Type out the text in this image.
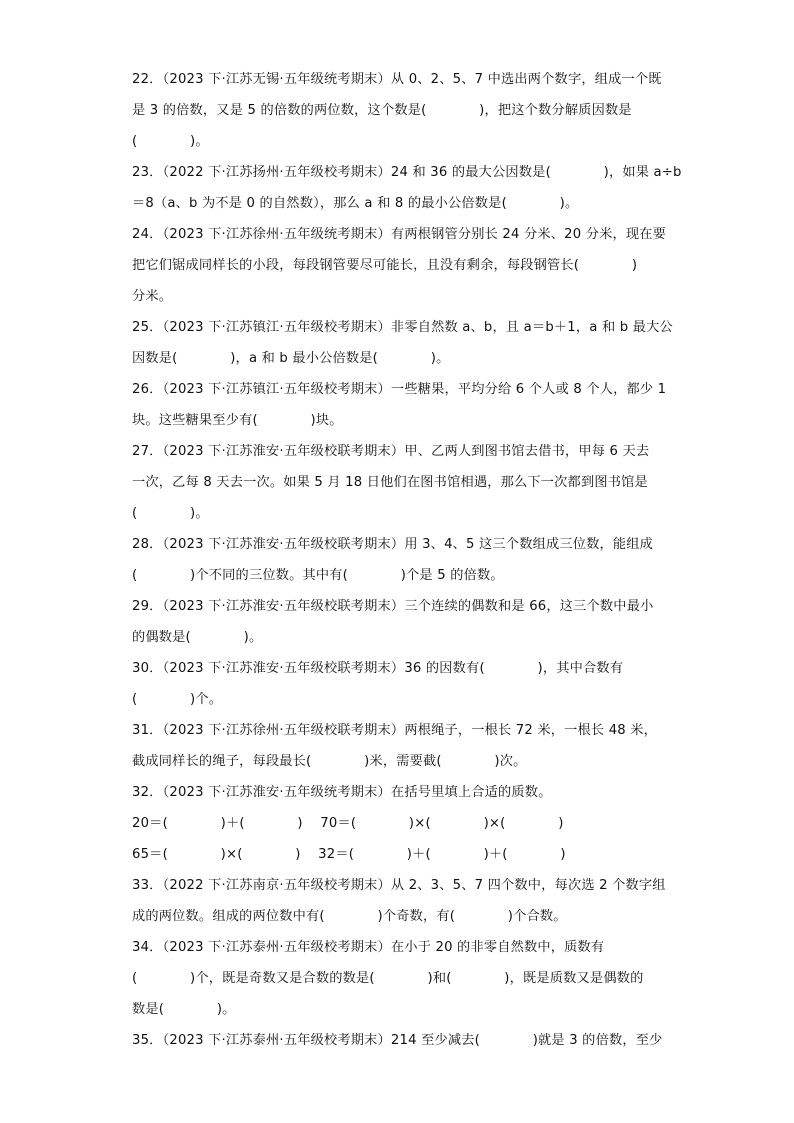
22．（2023 下·江苏无锡·五年级统考期末）从 0、2、5、7 中选出两个数字，组成一个既
是 3 的倍数，又是 5 的倍数的两位数，这个数是(            )，把这个数分解质因数是
(            )。
23．（2022 下·江苏扬州·五年级校考期末）24 和 36 的最大公因数是(            )，如果 a÷b
＝8（a、b 为不是 0 的自然数），那么 a 和 8 的最小公倍数是(            )。
24．（2023 下·江苏徐州·五年级统考期末）有两根钢管分别长 24 分米、20 分米，现在要
把它们锯成同样长的小段，每段钢管要尽可能长，且没有剩余，每段钢管长(            )
分米。
25．（2023 下·江苏镇江·五年级校考期末）非零自然数 a、b，且 a＝b＋1，a 和 b 最大公
因数是(            )，a 和 b 最小公倍数是(            )。
26．（2023 下·江苏镇江·五年级校考期末）一些糖果，平均分给 6 个人或 8 个人，都少 1
块。这些糖果至少有(            )块。
27．（2023 下·江苏淮安·五年级校联考期末）甲、乙两人到图书馆去借书，甲每 6 天去
一次，乙每 8 天去一次。如果 5 月 18 日他们在图书馆相遇，那么下一次都到图书馆是
(            )。
28．（2023 下·江苏淮安·五年级校联考期末）用 3、4、5 这三个数组成三位数，能组成
(            )个不同的三位数。其中有(            )个是 5 的倍数。
29．（2023 下·江苏淮安·五年级校联考期末）三个连续的偶数和是 66，这三个数中最小
的偶数是(            )。
30．（2023 下·江苏淮安·五年级校联考期末）36 的因数有(            )，其中合数有
(            )个。
31．（2023 下·江苏徐州·五年级校联考期末）两根绳子，一根长 72 米，一根长 48 米，
截成同样长的绳子，每段最长(            )米，需要截(            )次。
32．（2023 下·江苏淮安·五年级统考期末）在括号里填上合适的质数。
20＝(            )＋(            )    70＝(            )×(            )×(            )
65＝(            )×(            )    32＝(            )＋(            )＋(            )
33．（2022 下·江苏南京·五年级校考期末）从 2、3、5、7 四个数中，每次选 2 个数字组
成的两位数。组成的两位数中有(            )个奇数，有(            )个合数。
34．（2023 下·江苏泰州·五年级校考期末）在小于 20 的非零自然数中，质数有
(            )个，既是奇数又是合数的数是(            )和(            )，既是质数又是偶数的
数是(            )。
35．（2023 下·江苏泰州·五年级校考期末）214 至少减去(            )就是 3 的倍数，至少
